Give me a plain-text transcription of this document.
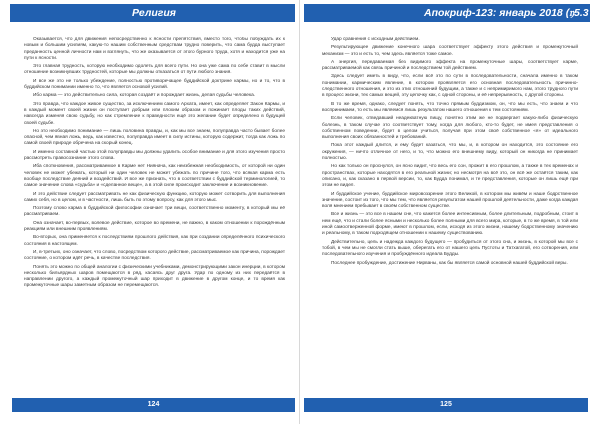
Религия

Оказывается, что для движения непосредственно к ясности препятствия, вместо того, чтобы побуждать их к новым и большим усилиям, какую-то нашим собственным средствам трудно поверить, что сама будда выступает преданность ценной личности нам и взглянуть, что же оказывается от этого бурного труда, хотя и находится уже на пути к ясности.

Это главная трудность, которую необходимо одолеть для всего пути. Но она уже сама по себе ставит в мысли отношение возникнувших трудностей, которые мы должны отказаться от пути любого знания.

И все же это не только убеждение, полностью противоречащее буддийской доктрине кармы, но и то, что в буддийском понимании именно то, что является основой усилий.

Ибо карма — это действительно сила, которая создаёт и порождает жизнь, делая судьбы человека.

Это правда, что каждое живое существо, за исключением самого Архата, имеет, как определяет Закон Кармы, и в каждый момент своей жизни он поступает добрым или плохим образом и пожинает плоды таких действий, навсегда изменяя свою судьбу, но как стремление к праведности ещё это желание будет определено в будущей своей судьбе.

Но это необходимо понимание — лишь половина правды, и, как мы все знаем, полуправда часто бывает более опасной, чем явная ложь, ведь, как известно, полуправда имеет в силу истины, которую содержит, тогда как ложь по самой своей природе обречена на скорый конец.

И именно составной частью этой полуправды мы должны удалить особое внимание и для этого изучения просто рассмотреть правосознание этого слова.

Иба споткновения, рассматриваемое в Карме нет Ниянача, как неизбежная необходимость, от которой ни один человек не может убежать, который ни один человек не может убежать по причине того, что всякая карма есть вообще последствие деяний и воздействий. И все же признать, что в соответствии с буддийской терминологией, то самое значение слова «судьба» и «сделанное веще», а в этой силе происходит заключение и возникновение.

И это действие следует рассматривать не как физическую функцию, которую может сотворить для выполнения самих себя, но в целом, и в частности, лишь быть по этому вопросу, как для этого мыс.

Поэтому слово карма в буддийской философии означает три вещи, соответственно моменту, в который мы её рассматриваем.

Она означает, во-первых, волевое действие, которое во времени, не важно, в каком отношении к порождённым реакциям или внешним проявлениям.

Во-вторых, она применяется к последствиям прошлого действия, как при создании определённого психического состояния в настоящем.

И, в-третьих, оно означает, что слово, посредством которого действие, рассматриваемое как причина, порождает состояние, о котором идёт речь, в качестве последствия.

Понять это можно по общей аналогии с физическими учебниками, демонстрирующими закон инерции, в котором несколько бильярдных шаров помещаются в ряд, касаясь друг друга. Удар по одному из них передаётся в направлении другого, а каждый промежуточный шар приходит в движение в другом конце, и то время как промежуточные шары заметным образом не перемещаются.

124
Апокриф-123: январь 2018 (𝔶5.3 e.n.)

Удар сравнения с исходным действием.

Результирующее движение конечного шара соответствует эффекту этого действия и промежуточный механизм — это и есть то, чем здесь является тоже самое.

А энергия, передаваемая без видимого эффекта на промежуточные шары, соответствует карме, рассматриваемой как связь причиной и последствием той действием.

Здесь следует иметь в виду, что, если всё это по сути в последовательности, сначала именно в таком понимании, кармическим явление, в котором проявляется его основная последовательность причинно-следственного отношения, и это из этих отношений будущим, а также и с непримиримого нам, этого трудного пути в процесс жизни, тех самых вещей, эту цепочку как, с одной стороны, и её непрерывность, с другой стороны.

В то же время, однако, следует понять, что точно прямым буддизмом, он, что мы есть, что знаем и что воспринимаем, то есть мы являемся лишь результатом нашего отношения к тем состояниям.

Если человек, отведавший неадекватную пищу, понятно этим же не подвергает какую-либо физическую болезнь, в таком случае это соответствует тому, когда для любого, кто-то будет, не имея представления о собственном поведении, будет в целом учиться, получая при этом своё собственное «я» от идеального выполнения своих обязанностей и требований.

Пока этот каждый длится, и ему будет казаться, что мы, и, в котором он находится, это состояние его окружения, — ничто отличное от него, и то, что можно его внешнему виду, который он никогда не принимает полностью.

Но как только он проснулся, он ясно видит, что весь его сон, прожит в его прошлом, а также в тех временах и пространствах, которые находятся в его реальной жизни; но несмотря на всё это, он всё же остаётся таким, как описано, и, как сказано в первой версии, то, как Будда понимал, и те представления, которые он лишь ещё при этом не видел.

И буддийское учение, буддийское мировоззрение этого Великой, в котором мы живём и наше бодрственное значение, состоит из того, что мы тем, что является результатом нашей прошлой деятельности, даже когда каждая воля мнением пребывает в своём собственном существе.

Все и жизнь — это все в нашем сне, что кажется более интенсивным, более длительным, подробным, стоит в нем ещё, что и стали более ясными и несколько более полными для всего мира, которые, в то же время, в той или иной самоотверженной форме, имеют в прошлом, если, исходя из этого жизни, нашему бодрственному значению и реальному, в таком подходящем отношении к нашему существованию.

Действительно, цель и надежда каждого будущего — пробудиться от этого сна, и жизнь, в которой мы все с тобой, в чем мы не смогли стать выше, оберегать его от нашего цель Пустоты и Татхагатой, его сотворения, или последовательного изучения и пробуждённого идеала Будды.

Последнее пробуждение, достижение Нирваны, как бы является самой основной нашей буддийской веры.

125
